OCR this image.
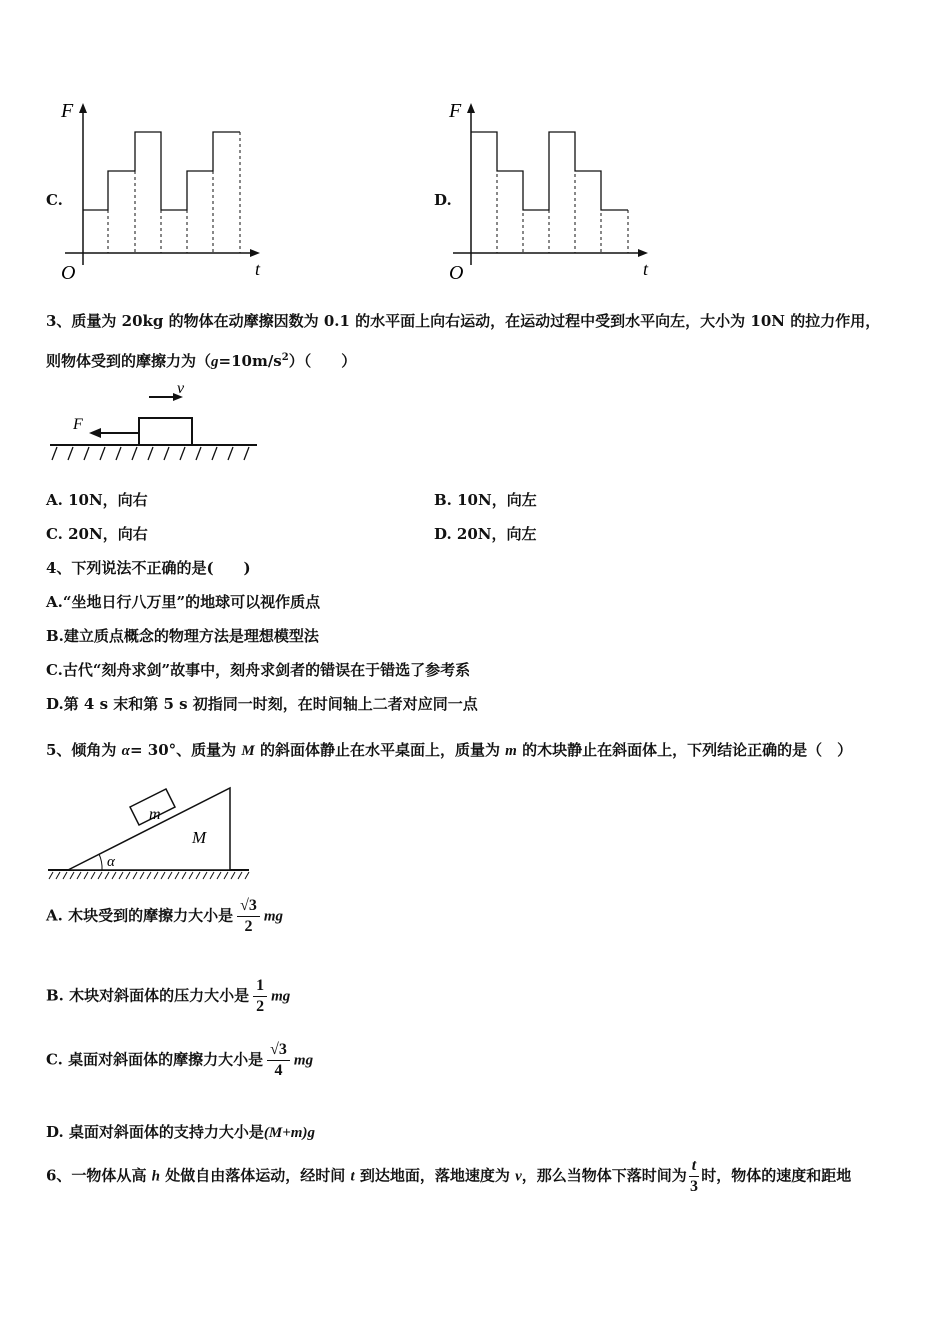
C.
F
t
O
D.
F
t
O
3、质量为 20kg 的物体在动摩擦因数为 0.1 的水平面上向右运动，在运动过程中受到水平向左，大小为 10N 的拉力作用，
则物体受到的摩擦力为$(g=10m/s^2)$（　　）
v
F
A. 10N，向右	B. 10N，向左
C. 20N，向右	D. 20N，向左
4、下列说法不正确的是(　　)
A.“坐地日行八万里”的地球可以视作质点
B.建立质点概念的物理方法是理想模型法
C.古代“刻舟求剑”故事中，刻舟求剑者的错误在于错选了参考系
D.第 4 s 末和第 5 s 初指同一时刻，在时间轴上二者对应同一点
5、倾角为 α= 30°、质量为 M 的斜面体静止在水平桌面上，质量为 m 的木块静止在斜面体上，下列结论正确的是（　）
m
M
α
A. 木块受到的摩擦力大小是 $\frac{√3}{2}$ mg
B. 木块对斜面体的压力大小是 $\frac{1}{2}$ mg
C. 桌面对斜面体的摩擦力大小是 $\frac{√3}{4}$ mg
D. 桌面对斜面体的支持力大小是(M+m)g
6、一物体从高 h 处做自由落体运动，经时间 t 到达地面，落地速度为 v，那么当物体下落时间为 $\frac{t}{3}$ 时，物体的速度和距地
